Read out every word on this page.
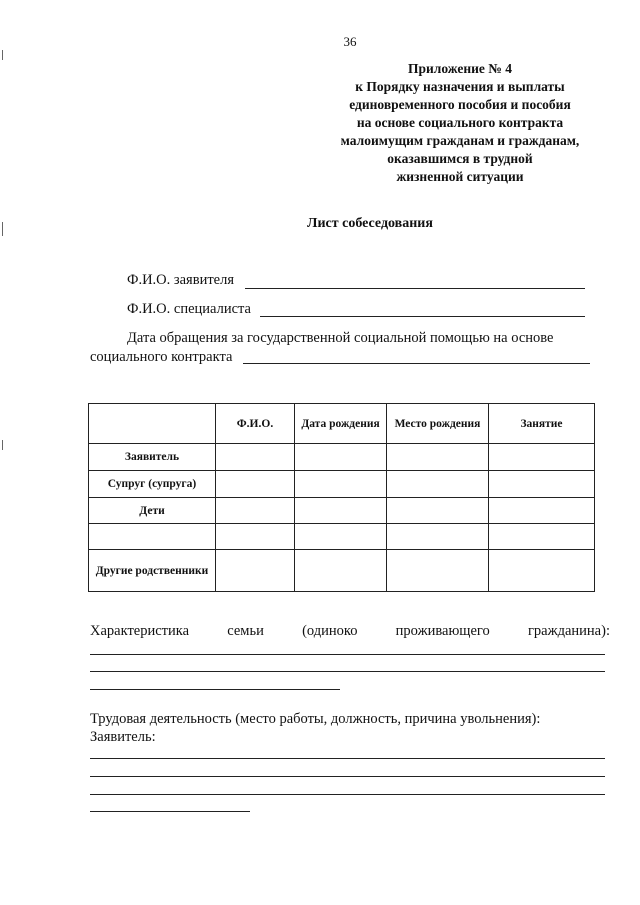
36
Приложение № 4
к Порядку назначения и выплаты
единовременного пособия и пособия
на основе социального контракта
малоимущим гражданам и гражданам,
оказавшимся в трудной
жизненной ситуации
Лист собеседования
Ф.И.О. заявителя
Ф.И.О. специалиста
Дата обращения за государственной социальной помощью на основе
социального контракта
	Ф.И.О.	Дата рождения	Место рождения	Занятие
Заявитель				
Супруг (супруга)				
Дети				

Другие родственники				
Характеристика	семьи	(одиноко	проживающего	гражданина):
Трудовая деятельность (место работы, должность, причина увольнения):
Заявитель:
